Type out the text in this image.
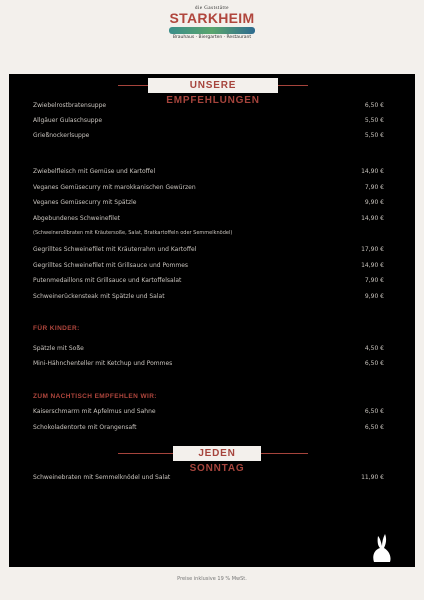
die Gaststätte
STARKHEIM
Brauhaus · Biergarten · Restaurant
UNSERE EMPFEHLUNGEN
Zwiebelrostbratensuppe	6,50 €
Allgäuer Gulaschsuppe	5,50 €
Grießnockerlsuppe	5,50 €
Zwiebelfleisch mit Gemüse und Kartoffel	14,90 €
Veganes Gemüsecurry mit marokkanischen Gewürzen	7,90 €
Veganes Gemüsecurry mit Spätzle	9,90 €
Abgebundenes Schweinefilet	14,90 €
(Schweinerollbraten mit Kräutersoße, Salat, Bratkartoffeln oder Semmelknödel)
Gegrilltes Schweinefilet mit Kräuterrahm und Kartoffel	17,90 €
Gegrilltes Schweinefilet mit Grillsauce und Pommes	14,90 €
Putenmedaillons mit Grillsauce und Kartoffelsalat	7,90 €
Schweinerückensteak mit Spätzle und Salat	9,90 €
FÜR KINDER:
Spätzle mit Soße	4,50 €
Mini-Hähnchenteller mit Ketchup und Pommes	6,50 €
ZUM NACHTISCH EMPFEHLEN WIR:
Kaiserschmarrn mit Apfelmus und Sahne	6,50 €
Schokoladentorte mit Orangensaft	6,50 €
JEDEN SONNTAG
Schweinebraten mit Semmelknödel und Salat	11,90 €
Preise inklusive 19 % MwSt.
